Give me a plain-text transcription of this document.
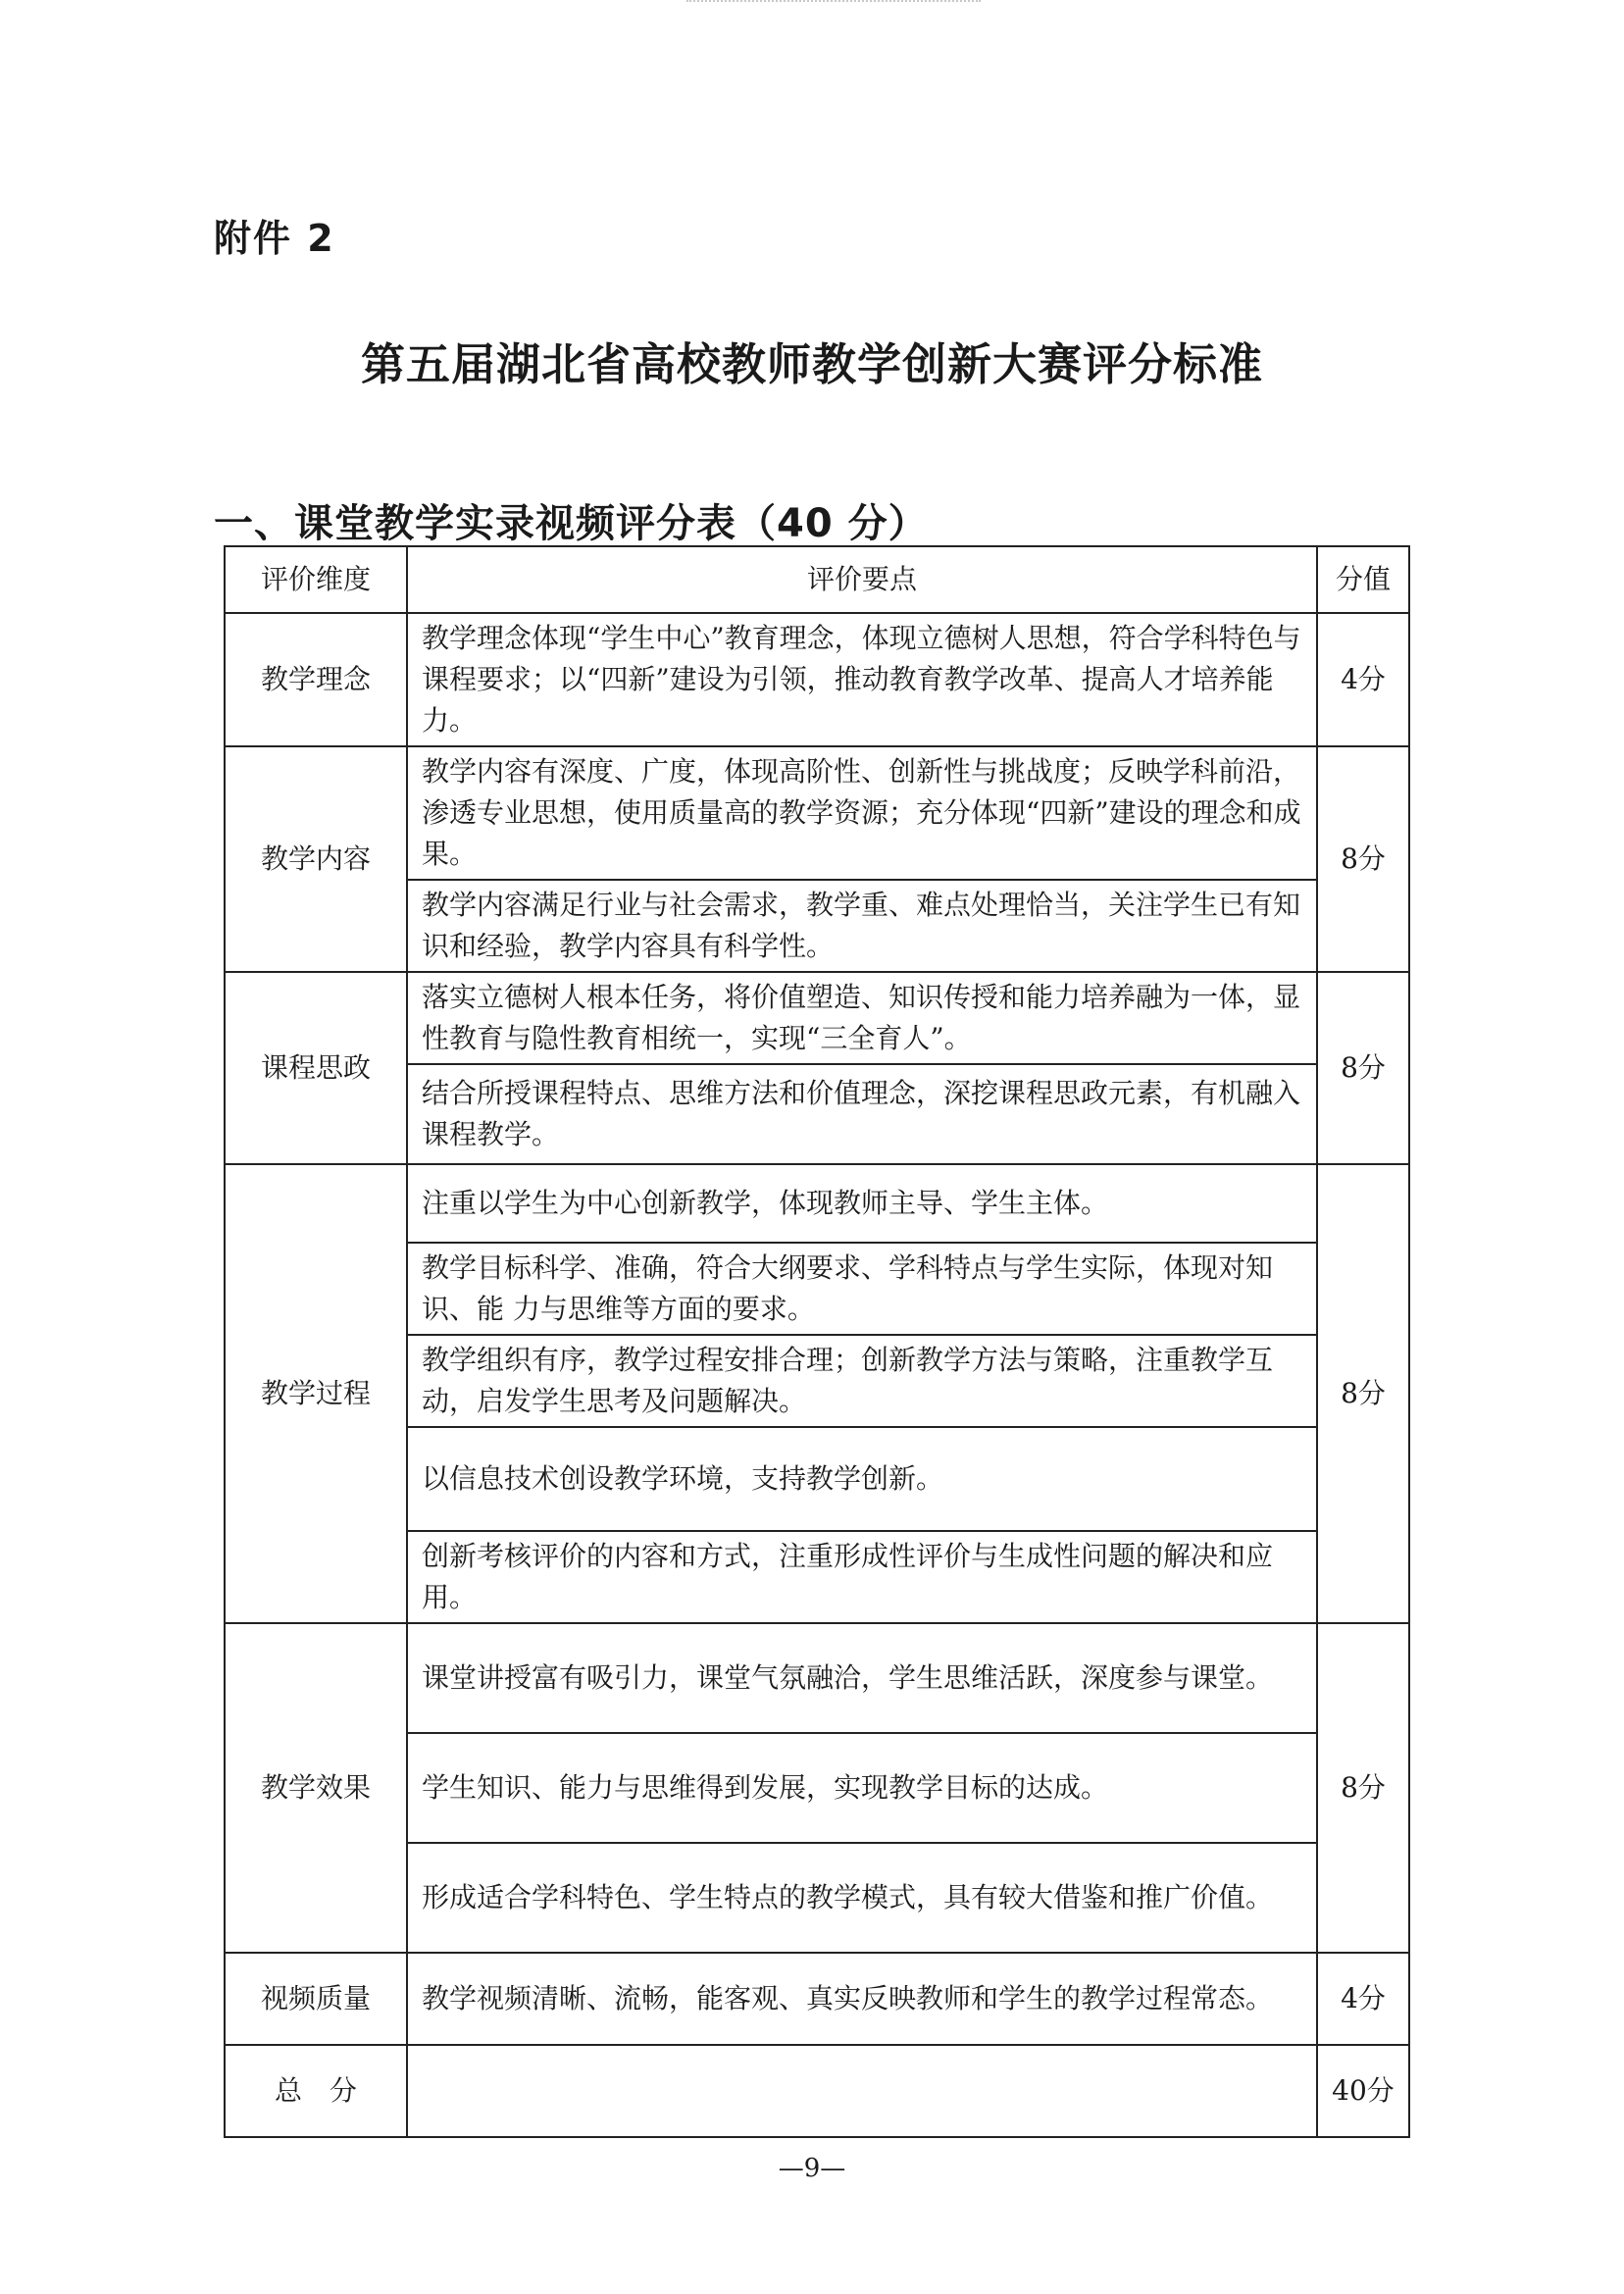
附件 2
第五届湖北省高校教师教学创新大赛评分标准
一、课堂教学实录视频评分表（40 分）
评价维度	评价要点	分值
教学理念	教学理念体现“学生中心”教育理念，体现立德树人思想，符合学科特色与课程要求；以“四新”建设为引领，推动教育教学改革、提高人才培养能力。	4分
教学内容	教学内容有深度、广度，体现高阶性、创新性与挑战度；反映学科前沿，渗透专业思想，使用质量高的教学资源；充分体现“四新”建设的理念和成果。	8分
	教学内容满足行业与社会需求，教学重、难点处理恰当，关注学生已有知识和经验，教学内容具有科学性。	
课程思政	落实立德树人根本任务，将价值塑造、知识传授和能力培养融为一体，显性教育与隐性教育相统一，实现“三全育人”。	8分
	结合所授课程特点、思维方法和价值理念，深挖课程思政元素，有机融入课程教学。	
教学过程	注重以学生为中心创新教学，体现教师主导、学生主体。	8分
	教学目标科学、准确，符合大纲要求、学科特点与学生实际，体现对知识、能 力与思维等方面的要求。	
	教学组织有序，教学过程安排合理；创新教学方法与策略，注重教学互动，启发学生思考及问题解决。	
	以信息技术创设教学环境，支持教学创新。	
	创新考核评价的内容和方式，注重形成性评价与生成性问题的解决和应用。	
教学效果	课堂讲授富有吸引力，课堂气氛融洽，学生思维活跃，深度参与课堂。	8分
	学生知识、能力与思维得到发展，实现教学目标的达成。	
	形成适合学科特色、学生特点的教学模式，具有较大借鉴和推广价值。	
视频质量	教学视频清晰、流畅，能客观、真实反映教师和学生的教学过程常态。	4分
总　分		40分
—9—
